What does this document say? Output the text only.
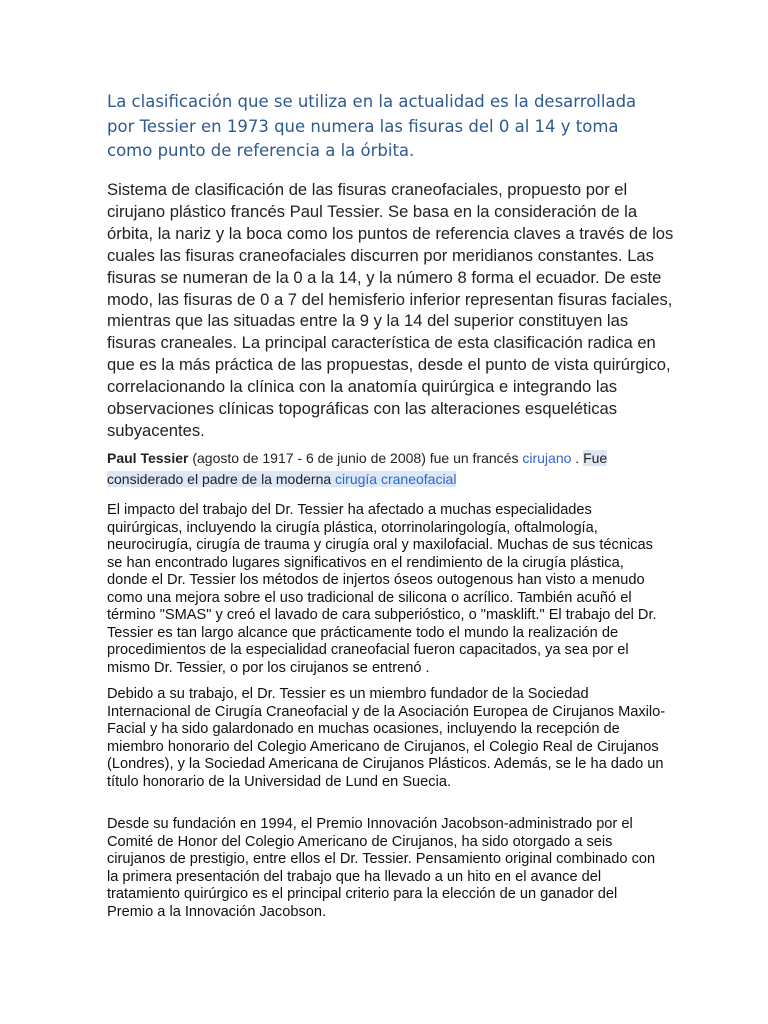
La clasificación que se utiliza en la actualidad es la desarrollada por Tessier en 1973 que numera las fisuras del 0 al 14 y toma como punto de referencia a la órbita.

Sistema de clasificación de las fisuras craneofaciales, propuesto por el cirujano plástico francés Paul Tessier. Se basa en la consideración de la órbita, la nariz y la boca como los puntos de referencia claves a través de los cuales las fisuras craneofaciales discurren por meridianos constantes. Las fisuras se numeran de la 0 a la 14, y la número 8 forma el ecuador. De este modo, las fisuras de 0 a 7 del hemisferio inferior representan fisuras faciales, mientras que las situadas entre la 9 y la 14 del superior constituyen las fisuras craneales. La principal característica de esta clasificación radica en que es la más práctica de las propuestas, desde el punto de vista quirúrgico, correlacionando la clínica con la anatomía quirúrgica e integrando las observaciones clínicas topográficas con las alteraciones esqueléticas subyacentes.

Paul Tessier (agosto de 1917 - 6 de junio de 2008) fue un francés cirujano . Fue considerado el padre de la moderna cirugía craneofacial

El impacto del trabajo del Dr. Tessier ha afectado a muchas especialidades quirúrgicas, incluyendo la cirugía plástica, otorrinolaringología, oftalmología, neurocirugía, cirugía de trauma y cirugía oral y maxilofacial. Muchas de sus técnicas se han encontrado lugares significativos en el rendimiento de la cirugía plástica, donde el Dr. Tessier los métodos de injertos óseos outogenous han visto a menudo como una mejora sobre el uso tradicional de silicona o acrílico. También acuñó el término "SMAS" y creó el lavado de cara subperióstico, o "masklift." El trabajo del Dr. Tessier es tan largo alcance que prácticamente todo el mundo la realización de procedimientos de la especialidad craneofacial fueron capacitados, ya sea por el mismo Dr. Tessier, o por los cirujanos se entrenó .

Debido a su trabajo, el Dr. Tessier es un miembro fundador de la Sociedad Internacional de Cirugía Craneofacial y de la Asociación Europea de Cirujanos Maxilo-Facial y ha sido galardonado en muchas ocasiones, incluyendo la recepción de miembro honorario del Colegio Americano de Cirujanos, el Colegio Real de Cirujanos (Londres), y la Sociedad Americana de Cirujanos Plásticos. Además, se le ha dado un título honorario de la Universidad de Lund en Suecia.

Desde su fundación en 1994, el Premio Innovación Jacobson-administrado por el Comité de Honor del Colegio Americano de Cirujanos, ha sido otorgado a seis cirujanos de prestigio, entre ellos el Dr. Tessier. Pensamiento original combinado con la primera presentación del trabajo que ha llevado a un hito en el avance del tratamiento quirúrgico es el principal criterio para la elección de un ganador del Premio a la Innovación Jacobson.
